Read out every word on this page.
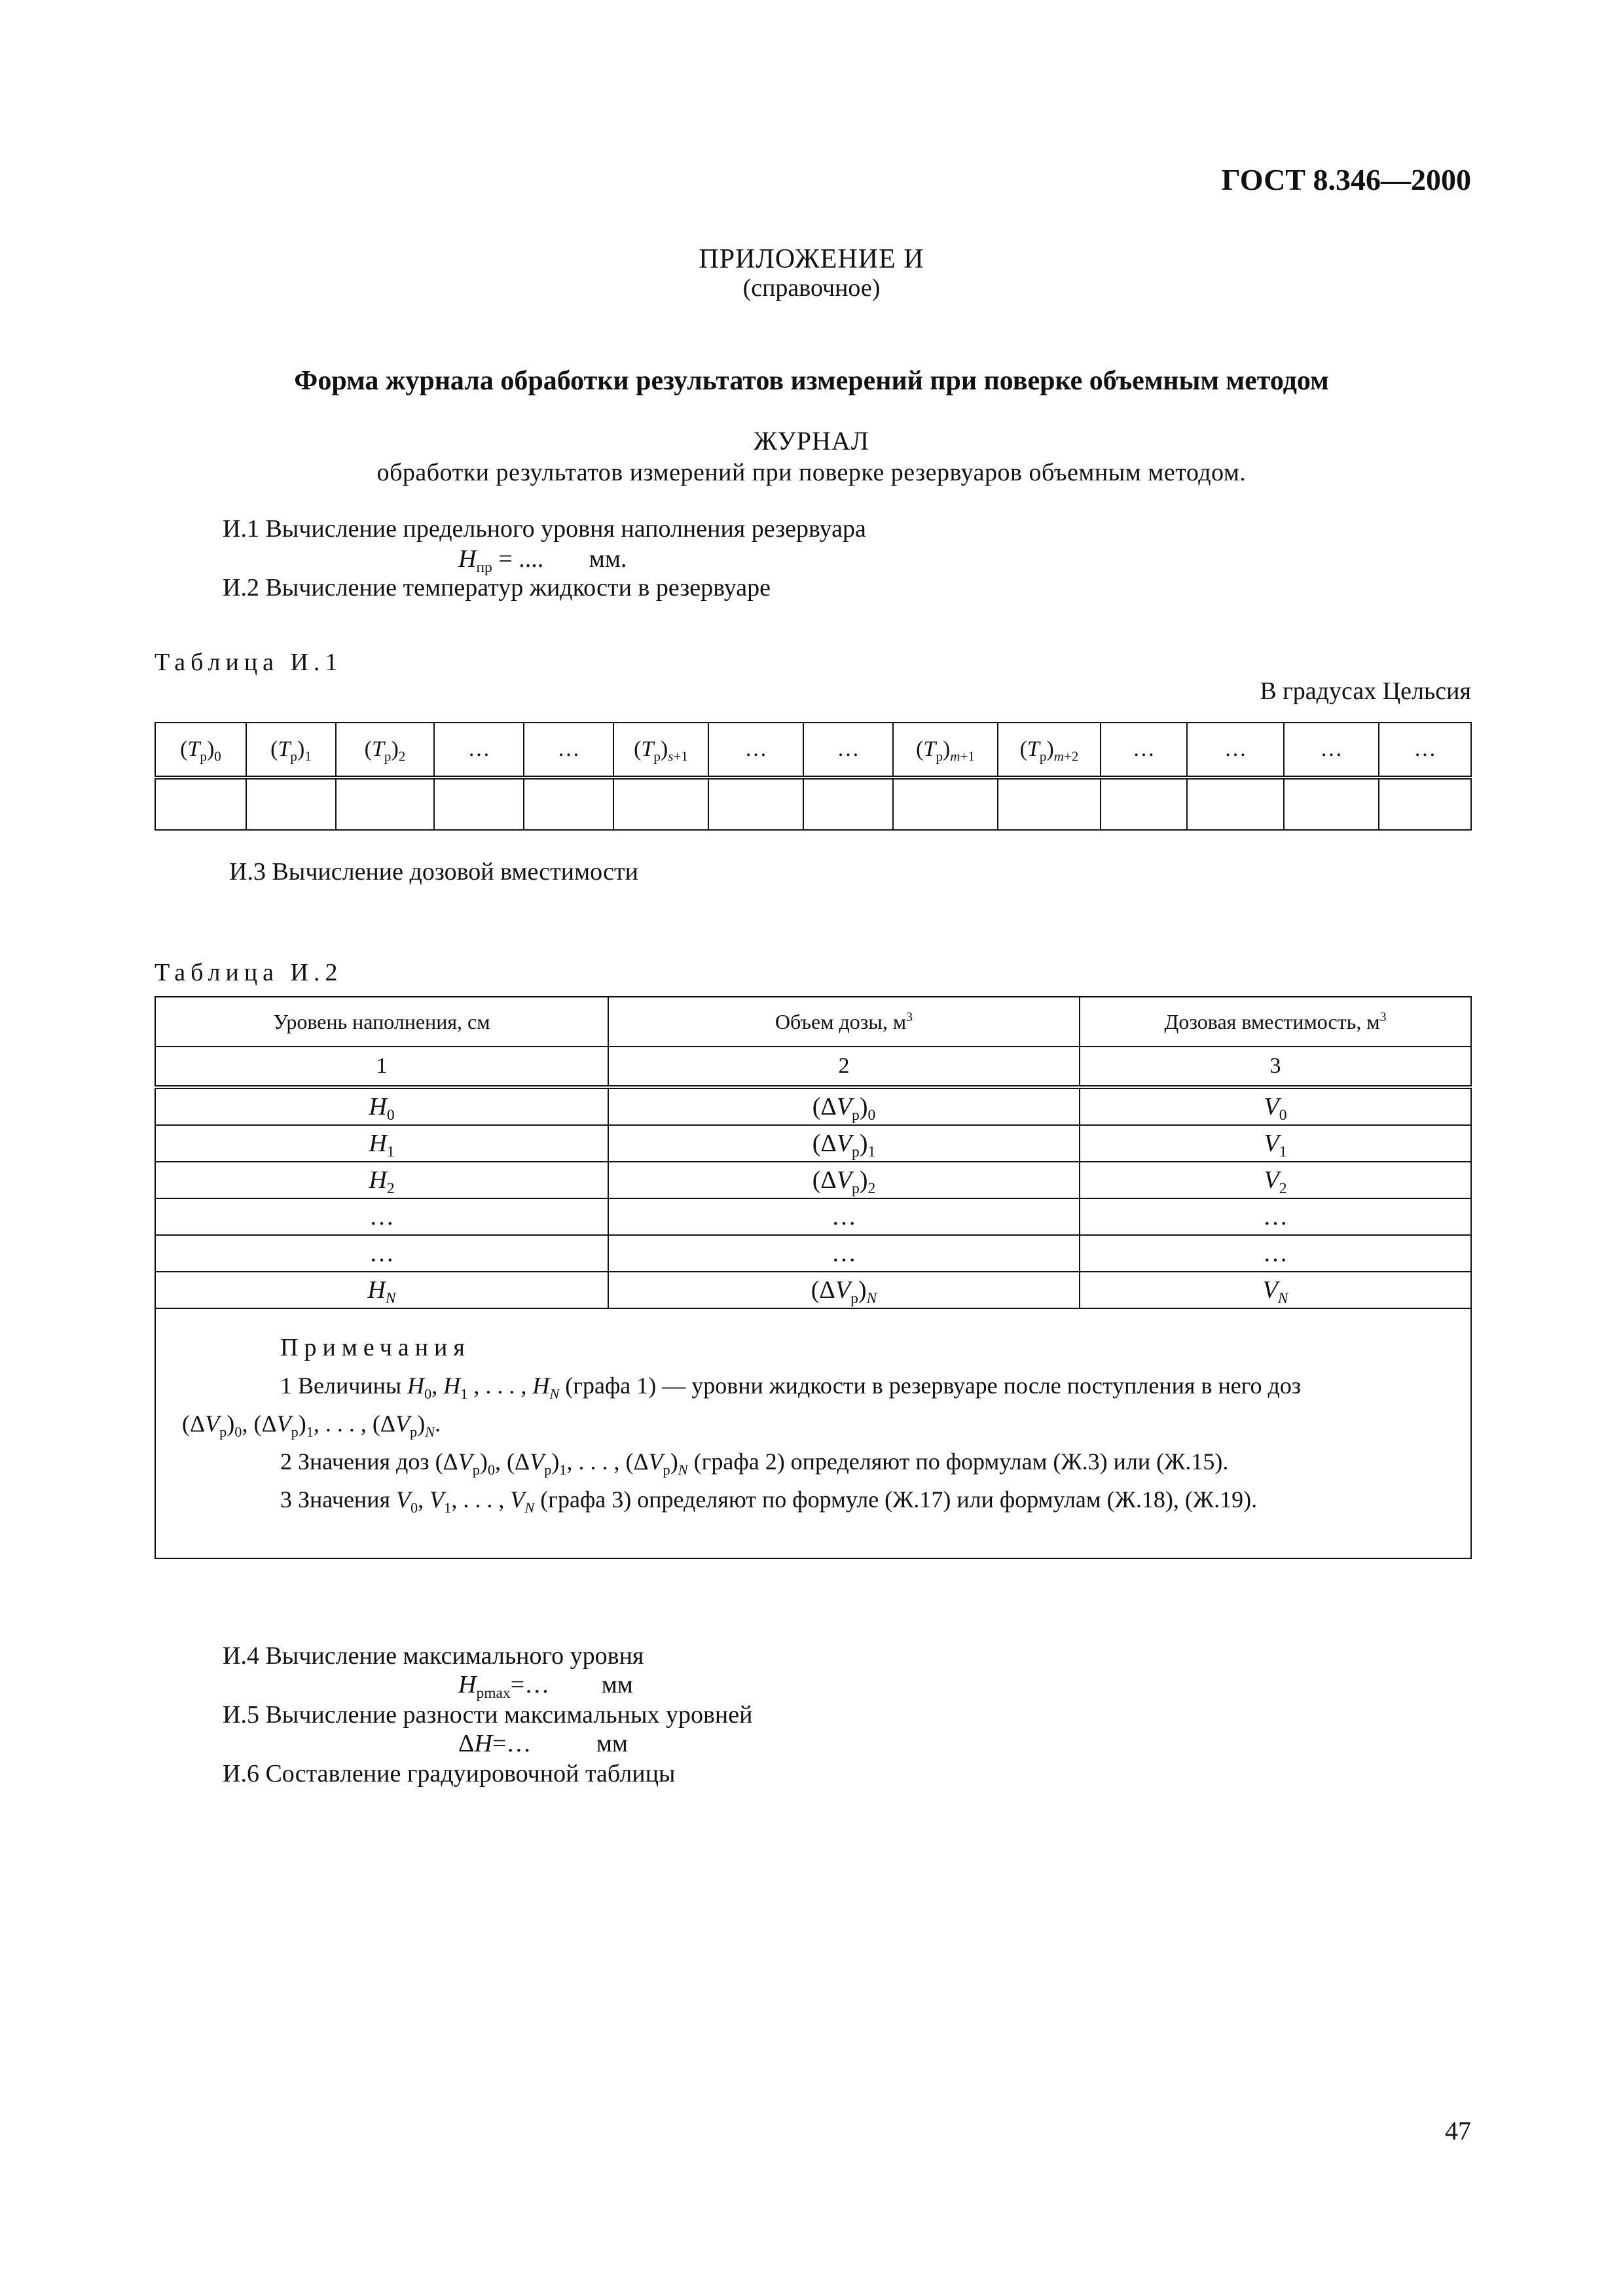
ГОСТ 8.346—2000
ПРИЛОЖЕНИЕ И
(справочное)
Форма журнала обработки результатов измерений при поверке объемным методом
ЖУРНАЛ
обработки результатов измерений при поверке резервуаров объемным методом.
И.1 Вычисление предельного уровня наполнения резервуара
$H_{пр}$ = .... мм.
И.2 Вычисление температур жидкости в резервуаре
Таблица И.1
В градусах Цельсия
$(T_р)_0$	$(T_р)_1$	$(T_р)_2$	…	…	$(T_р)_{s+1}$	…	…	$(T_р)_{m+1}$	$(T_р)_{m+2}$	…	…	…	…

И.3 Вычисление дозовой вместимости
Таблица И.2
Уровень наполнения, см	Объем дозы, $м^3$	Дозовая вместимость, $м^3$
1	2	3
$H_0$	$(\Delta V_р)_0$	$V_0$
$H_1$	$(\Delta V_р)_1$	$V_1$
$H_2$	$(\Delta V_р)_2$	$V_2$
…	…	…
…	…	…
$H_N$	$(\Delta V_р)_N$	$V_N$

Примечания
1 Величины $H_0$, $H_1$ , . . . , $H_N$ (графа 1) — уровни жидкости в резервуаре после поступления в него доз
$(\Delta V_р)_0$, $(\Delta V_р)_1$, . . . , $(\Delta V_р)_N$.
2 Значения доз $(\Delta V_р)_0$, $(\Delta V_р)_1$, . . . , $(\Delta V_р)_N$ (графа 2) определяют по формулам (Ж.3) или (Ж.15).
3 Значения $V_0$, $V_1$, . . . , $V_N$ (графа 3) определяют по формуле (Ж.17) или формулам (Ж.18), (Ж.19).		
И.4 Вычисление максимального уровня
$H_{pmax}=\dots$ мм
И.5 Вычисление разности максимальных уровней
ΔH=…	мм
И.6 Составление градуировочной таблицы
47
